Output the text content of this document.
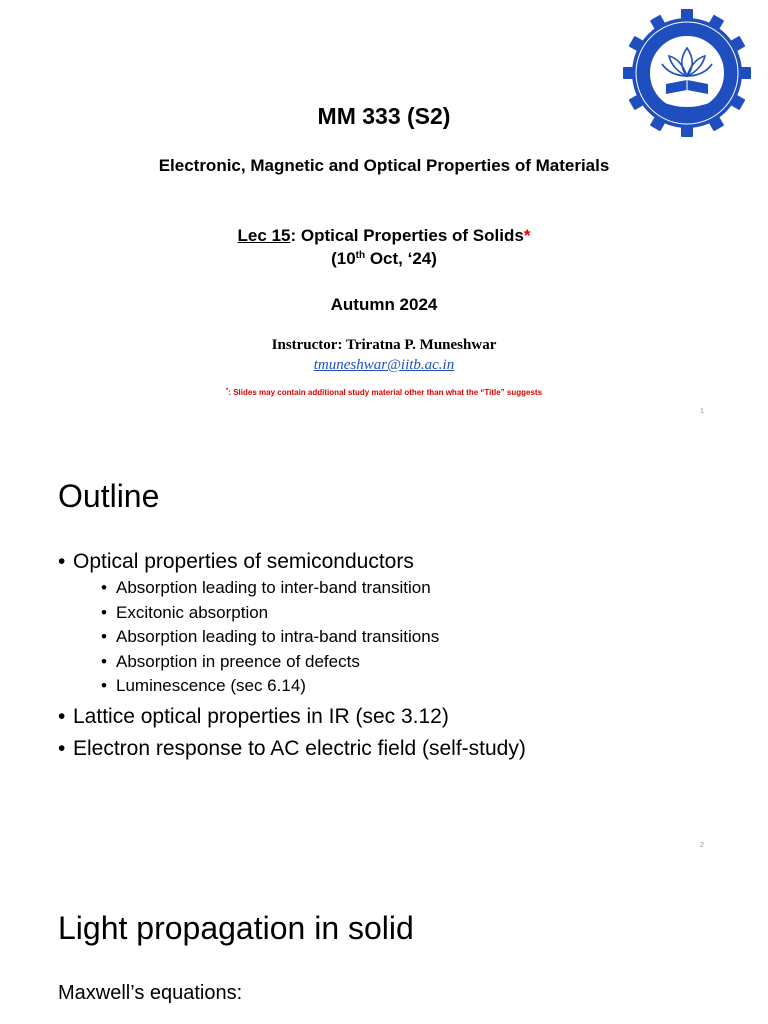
MM 333 (S2)
Electronic, Magnetic and Optical Properties of Materials
Lec 15: Optical Properties of Solids*
(10th Oct, ‘24)
Autumn 2024
Instructor: Triratna P. Muneshwar
tmuneshwar@iitb.ac.in
*: Slides may contain additional study material other than what the “Title” suggests
1
Outline
• Optical properties of semiconductors
• Absorption leading to inter-band transition
• Excitonic absorption
• Absorption leading to intra-band transitions
• Absorption in preence of defects
• Luminescence (sec 6.14)
• Lattice optical properties in IR (sec 3.12)
• Electron response to AC electric field (self-study)
2
Light propagation in solid
Maxwell’s equations:
